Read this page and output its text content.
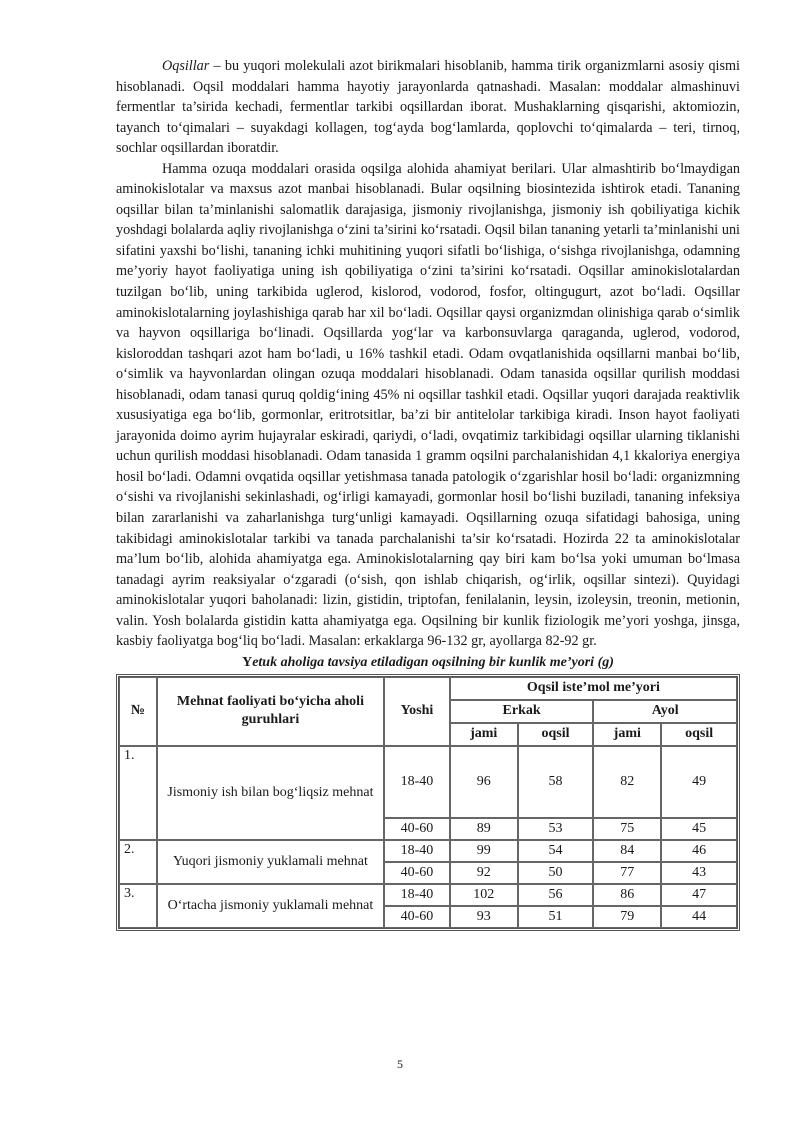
Oqsillar – bu yuqori molekulali azot birikmalari hisoblanib, hamma tirik organizmlarni asosiy qismi hisoblanadi. Oqsil moddalari hamma hayotiy jarayonlarda qatnashadi. Masalan: moddalar almashinuvi fermentlar ta’sirida kechadi, fermentlar tarkibi oqsillardan iborat. Mushaklarning qisqarishi, aktomiozin, tayanch to‘qimalari – suyakdagi kollagen, tog‘ayda bog‘lamlarda, qoplovchi to‘qimalarda – teri, tirnoq, sochlar oqsillardan iboratdir.

Hamma ozuqa moddalari orasida oqsilga alohida ahamiyat berilari. Ular almashtirib bo‘lmaydigan aminokislotalar va maxsus azot manbai hisoblanadi. Bular oqsilning biosintezida ishtirok etadi. Tananing oqsillar bilan ta’minlanishi salomatlik darajasiga, jismoniy rivojlanishga, jismoniy ish qobiliyatiga kichik yoshdagi bolalarda aqliy rivojlanishga o‘zini ta’sirini ko‘rsatadi. Oqsil bilan tananing yetarli ta’minlanishi uni sifatini yaxshi bo‘lishi, tananing ichki muhitining yuqori sifatli bo‘lishiga, o‘sishga rivojlanishga, odamning me’yoriy hayot faoliyatiga uning ish qobiliyatiga o‘zini ta’sirini ko‘rsatadi. Oqsillar aminokislotalardan tuzilgan bo‘lib, uning tarkibida uglerod, kislorod, vodorod, fosfor, oltingugurt, azot bo‘ladi. Oqsillar aminokislotalarning joylashishiga qarab har xil bo‘ladi. Oqsillar qaysi organizmdan olinishiga qarab o‘simlik va hayvon oqsillariga bo‘linadi. Oqsillarda yog‘lar va karbonsuvlarga qaraganda, uglerod, vodorod, kisloroddan tashqari azot ham bo‘ladi, u 16% tashkil etadi. Odam ovqatlanishida oqsillarni manbai bo‘lib, o‘simlik va hayvonlardan olingan ozuqa moddalari hisoblanadi. Odam tanasida oqsillar qurilish moddasi hisoblanadi, odam tanasi quruq qoldig‘ining 45% ni oqsillar tashkil etadi. Oqsillar yuqori darajada reaktivlik xususiyatiga ega bo‘lib, gormonlar, eritrotsitlar, ba’zi bir antitelolar tarkibiga kiradi. Inson hayot faoliyati jarayonida doimo ayrim hujayralar eskiradi, qariydi, o‘ladi, ovqatimiz tarkibidagi oqsillar ularning tiklanishi uchun qurilish moddasi hisoblanadi. Odam tanasida 1 gramm oqsilni parchalanishidan 4,1 kkaloriya energiya hosil bo‘ladi. Odamni ovqatida oqsillar yetishmasa tanada patologik o‘zgarishlar hosil bo‘ladi: organizmning o‘sishi va rivojlanishi sekinlashadi, og‘irligi kamayadi, gormonlar hosil bo‘lishi buziladi, tananing infeksiya bilan zararlanishi va zaharlanishga turg‘unligi kamayadi. Oqsillarning ozuqa sifatidagi bahosiga, uning takibidagi aminokislotalar tarkibi va tanada parchalanishi ta’sir ko‘rsatadi. Hozirda 22 ta aminokislotalar ma’lum bo‘lib, alohida ahamiyatga ega. Aminokislotalarning qay biri kam bo‘lsa yoki umuman bo‘lmasa tanadagi ayrim reaksiyalar o‘zgaradi (o‘sish, qon ishlab chiqarish, og‘irlik, oqsillar sintezi). Quyidagi aminokislotalar yuqori baholanadi: lizin, gistidin, triptofan, fenilalanin, leysin, izoleysin, treonin, metionin, valin. Yosh bolalarda gistidin katta ahamiyatga ega. Oqsilning bir kunlik fiziologik me’yori yoshga, jinsga, kasbiy faoliyatga bog‘liq bo‘ladi. Masalan: erkaklarga 96-132 gr, ayollarga 82-92 gr.

Yetuk aholiga tavsiya etiladigan oqsilning bir kunlik me’yori (g)
№	Mehnat faoliyati bo‘yicha aholi guruhlari	Yoshi	Oqsil iste’mol me’yori			
			Erkak		Ayol	
			jami	oqsil	jami	oqsil
1.	Jismoniy ish bilan bog‘liqsiz mehnat	18-40	96	58	82	49
		40-60	89	53	75	45
2.	Yuqori jismoniy yuklamali mehnat	18-40	99	54	84	46
		40-60	92	50	77	43
3.	O‘rtacha jismoniy yuklamali mehnat	18-40	102	56	86	47
		40-60	93	51	79	44
5
